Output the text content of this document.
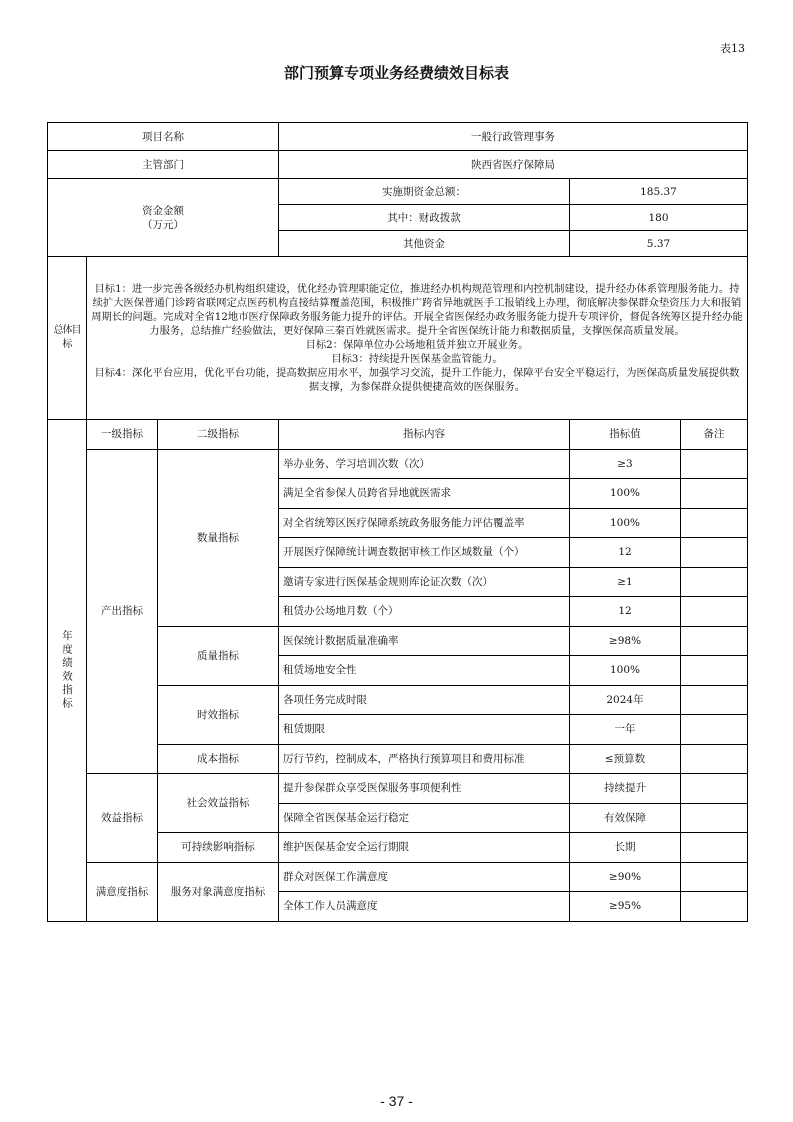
表13
部门预算专项业务经费绩效目标表
项目名称			一般行政管理事务		
主管部门			陕西省医疗保障局		
资金金额
（万元）			实施期资金总额：	185.37	
			其中：财政拨款	180	
			其他资金	5.37	
总体目标	目标1：进一步完善各级经办机构组织建设，优化经办管理职能定位，推进经办机构规范管理和内控机制建设，提升经办体系管理服务能力。持续扩大医保普通门诊跨省联网定点医药机构直接结算覆盖范围，积极推广跨省异地就医手工报销线上办理，彻底解决参保群众垫资压力大和报销周期长的问题。完成对全省12地市医疗保障政务服务能力提升的评估。开展全省医保经办政务服务能力提升专项评价，督促各统筹区提升经办能力服务，总结推广经验做法，更好保障三秦百姓就医需求。提升全省医保统计能力和数据质量，支撑医保高质量发展。
目标2：保障单位办公场地租赁并独立开展业务。
目标3：持续提升医保基金监管能力。
目标4：深化平台应用，优化平台功能，提高数据应用水平，加强学习交流，提升工作能力，保障平台安全平稳运行，为医保高质量发展提供数据支撑，为参保群众提供便捷高效的医保服务。				

年度绩效指标	一级指标	二级指标	指标内容	指标值	备注
	产出指标	数量指标	举办业务、学习培训次数（次）	≥3	
			满足全省参保人员跨省异地就医需求	100%	
			对全省统筹区医疗保障系统政务服务能力评估覆盖率	100%	
			开展医疗保障统计调查数据审核工作区域数量（个）	12	
			邀请专家进行医保基金规则库论证次数（次）	≥1	
			租赁办公场地月数（个）	12	
		质量指标	医保统计数据质量准确率	≥98%	
			租赁场地安全性	100%	
		时效指标	各项任务完成时限	2024年	
			租赁期限	一年	
		成本指标	厉行节约，控制成本，严格执行预算项目和费用标准	≤预算数	
	效益指标	社会效益指标	提升参保群众享受医保服务事项便利性	持续提升	
			保障全省医保基金运行稳定	有效保障	
		可持续影响指标	维护医保基金安全运行期限	长期	
	满意度指标	服务对象满意度指标	群众对医保工作满意度	≥90%	
			全体工作人员满意度	≥95%	
- 37 -
